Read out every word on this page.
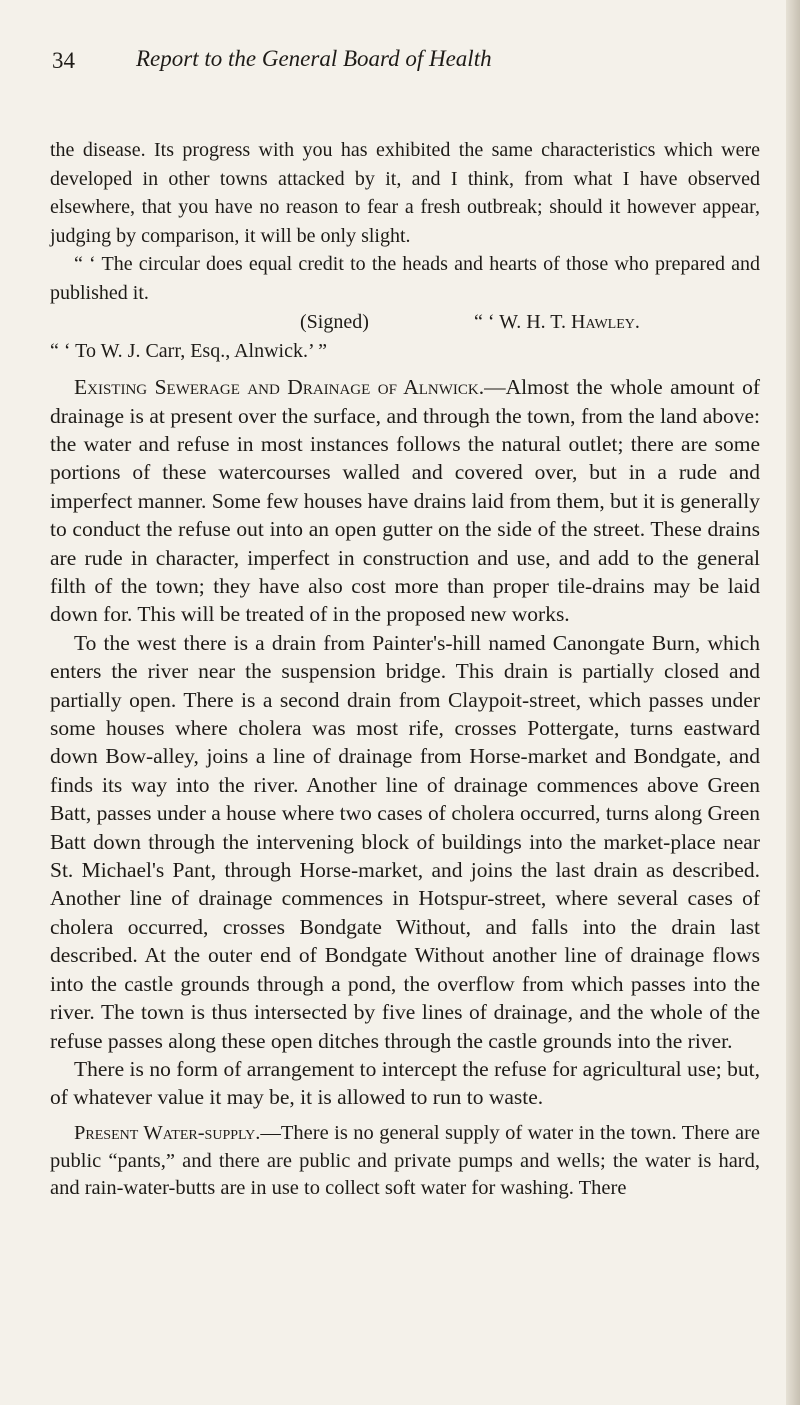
34	Report to the General Board of Health

the disease. Its progress with you has exhibited the same characteristics which were developed in other towns attacked by it, and I think, from what I have observed elsewhere, that you have no reason to fear a fresh outbreak; should it however appear, judging by comparison, it will be only slight.

“ ‘ The circular does equal credit to the heads and hearts of those who prepared and published it.

(Signed)	“ ‘ W. H. T. Hawley.

“ ‘ To W. J. Carr, Esq., Alnwick.’ ”

Existing Sewerage and Drainage of Alnwick.—Almost the whole amount of drainage is at present over the surface, and through the town, from the land above: the water and refuse in most instances follows the natural outlet; there are some portions of these watercourses walled and covered over, but in a rude and imperfect manner. Some few houses have drains laid from them, but it is generally to conduct the refuse out into an open gutter on the side of the street. These drains are rude in character, imperfect in construction and use, and add to the general filth of the town; they have also cost more than proper tile-drains may be laid down for. This will be treated of in the proposed new works.

To the west there is a drain from Painter's-hill named Canongate Burn, which enters the river near the suspension bridge. This drain is partially closed and partially open. There is a second drain from Claypoit-street, which passes under some houses where cholera was most rife, crosses Pottergate, turns eastward down Bow-alley, joins a line of drainage from Horse-market and Bondgate, and finds its way into the river. Another line of drainage commences above Green Batt, passes under a house where two cases of cholera occurred, turns along Green Batt down through the intervening block of buildings into the market-place near St. Michael's Pant, through Horse-market, and joins the last drain as described. Another line of drainage commences in Hotspur-street, where several cases of cholera occurred, crosses Bondgate Without, and falls into the drain last described. At the outer end of Bondgate Without another line of drainage flows into the castle grounds through a pond, the overflow from which passes into the river. The town is thus intersected by five lines of drainage, and the whole of the refuse passes along these open ditches through the castle grounds into the river.

There is no form of arrangement to intercept the refuse for agricultural use; but, of whatever value it may be, it is allowed to run to waste.

Present Water-supply.—There is no general supply of water in the town. There are public “pants,” and there are public and private pumps and wells; the water is hard, and rain-water-butts are in use to collect soft water for washing. There
